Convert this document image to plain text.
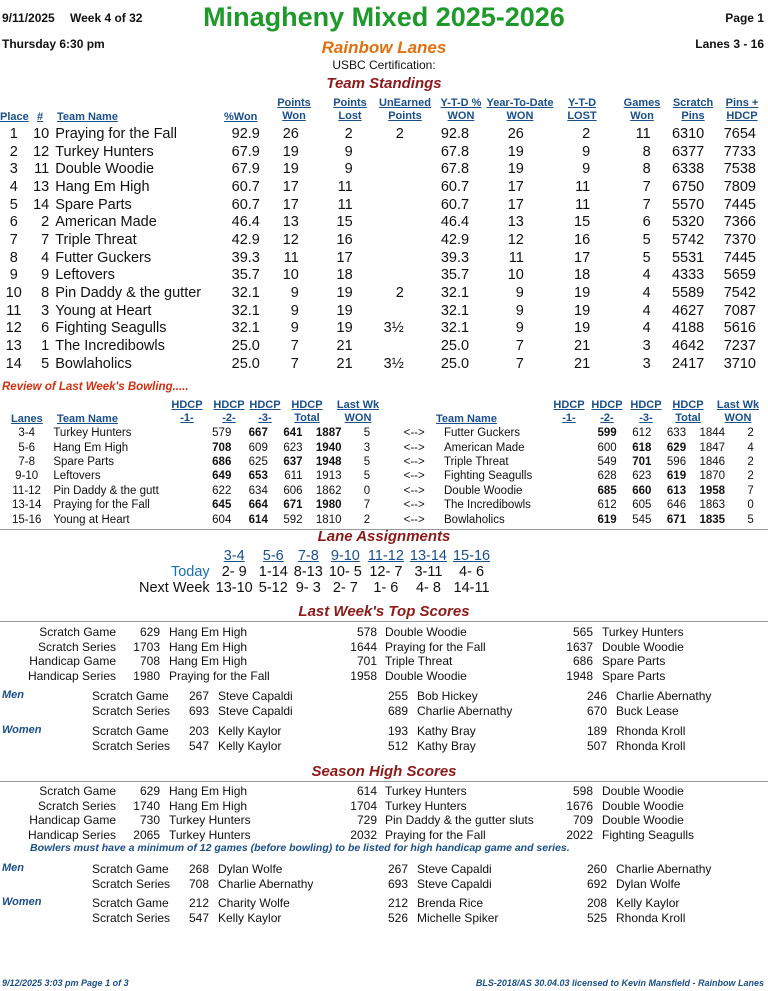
9/11/2025 Week 4 of 32	Minagheny Mixed 2025-2026	Page 1
Thursday 6:30 pm	Rainbow Lanes	Lanes 3 - 16
USBC Certification:
Team Standings
Place # Team Name	%Won
Points Won
Points Lost
UnEarned Points
Y-T-D % WON
Year-To-Date WON
Y-T-D LOST
Games Won
Scratch Pins
Pins + HDCP
1	10	Praying for the Fall	92.9	26	2	2	92.8	26	2	11	6310	7654
2	12	Turkey Hunters	67.9	19	9		67.8	19	9	8	6377	7733
3	11	Double Woodie	67.9	19	9		67.8	19	9	8	6338	7538
4	13	Hang Em High	60.7	17	11		60.7	17	11	7	6750	7809
5	14	Spare Parts	60.7	17	11		60.7	17	11	7	5570	7445
6	2	American Made	46.4	13	15		46.4	13	15	6	5320	7366
7	7	Triple Threat	42.9	12	16		42.9	12	16	5	5742	7370
8	4	Futter Guckers	39.3	11	17		39.3	11	17	5	5531	7445
9	9	Leftovers	35.7	10	18		35.7	10	18	4	4333	5659
10	8	Pin Daddy & the gutter	32.1	9	19	2	32.1	9	19	4	5589	7542
11	3	Young at Heart	32.1	9	19		32.1	9	19	4	4627	7087
12	6	Fighting Seagulls	32.1	9	19	3½	32.1	9	19	4	4188	5616
13	1	The Incredibowls	25.0	7	21		25.0	7	21	3	4642	7237
14	5	Bowlaholics	25.0	7	21	3½	25.0	7	21	3	2417	3710
Review of Last Week's Bowling.....
Lanes Team Name
HDCP -1-
HDCP -2-
HDCP -3-
HDCP Total
Last Wk WON	Team Name
HDCP -1-
HDCP -2-
HDCP -3-
HDCP Total
Last Wk WON
3-4	Turkey Hunters	579	667	641	1887	5	<-->	Futter Guckers	599	612	633	1844	2
5-6	Hang Em High	708	609	623	1940	3	<-->	American Made	600	618	629	1847	4
7-8	Spare Parts	686	625	637	1948	5	<-->	Triple Threat	549	701	596	1846	2
9-10	Leftovers	649	653	611	1913	5	<-->	Fighting Seagulls	628	623	619	1870	2
11-12	Pin Daddy & the gutt	622	634	606	1862	0	<-->	Double Woodie	685	660	613	1958	7
13-14	Praying for the Fall	645	664	671	1980	7	<-->	The Incredibowls	612	605	646	1863	0
15-16	Young at Heart	604	614	592	1810	2	<-->	Bowlaholics	619	545	671	1835	5
Lane Assignments
	3-4	5-6	7-8	9-10	11-12	13-14	15-16
Today	2- 9	1-14	8-13	10- 5	12- 7	3-11	4- 6
Next Week	13-10	5-12	9- 3	2- 7	1- 6	4- 8	14-11
Last Week's Top Scores
Scratch Game 629 Hang Em High	578 Double Woodie	565 Turkey Hunters
Scratch Series 1703 Hang Em High	1644 Praying for the Fall	1637 Double Woodie
Handicap Game 708 Hang Em High	701 Triple Threat	686 Spare Parts
Handicap Series 1980 Praying for the Fall	1958 Double Woodie	1948 Spare Parts
Men
Women
Scratch Game 267 Steve Capaldi	255 Bob Hickey	246 Charlie Abernathy
Scratch Series 693 Steve Capaldi	689 Charlie Abernathy	670 Buck Lease
Scratch Game 203 Kelly Kaylor	193 Kathy Bray	189 Rhonda Kroll
Scratch Series 547 Kelly Kaylor	512 Kathy Bray	507 Rhonda Kroll
Season High Scores
Scratch Game 629 Hang Em High	614 Turkey Hunters	598 Double Woodie
Scratch Series 1740 Hang Em High	1704 Turkey Hunters	1676 Double Woodie
Handicap Game 730 Turkey Hunters	729 Pin Daddy & the gutter sluts	709 Double Woodie
Handicap Series 2065 Turkey Hunters	2032 Praying for the Fall	2022 Fighting Seagulls
Men
Women
Scratch Game 268 Dylan Wolfe	267 Steve Capaldi	260 Charlie Abernathy
Scratch Series 708 Charlie Abernathy	693 Steve Capaldi	692 Dylan Wolfe
Scratch Game 212 Charity Wolfe	212 Brenda Rice	208 Kelly Kaylor
Scratch Series 547 Kelly Kaylor	526 Michelle Spiker	525 Rhonda Kroll
Bowlers must have a minimum of 12 games (before bowling) to be listed for high handicap game and series.
9/12/2025 3:03 pm Page 1 of 3	BLS-2018/AS 30.04.03 licensed to Kevin Mansfield - Rainbow Lanes
